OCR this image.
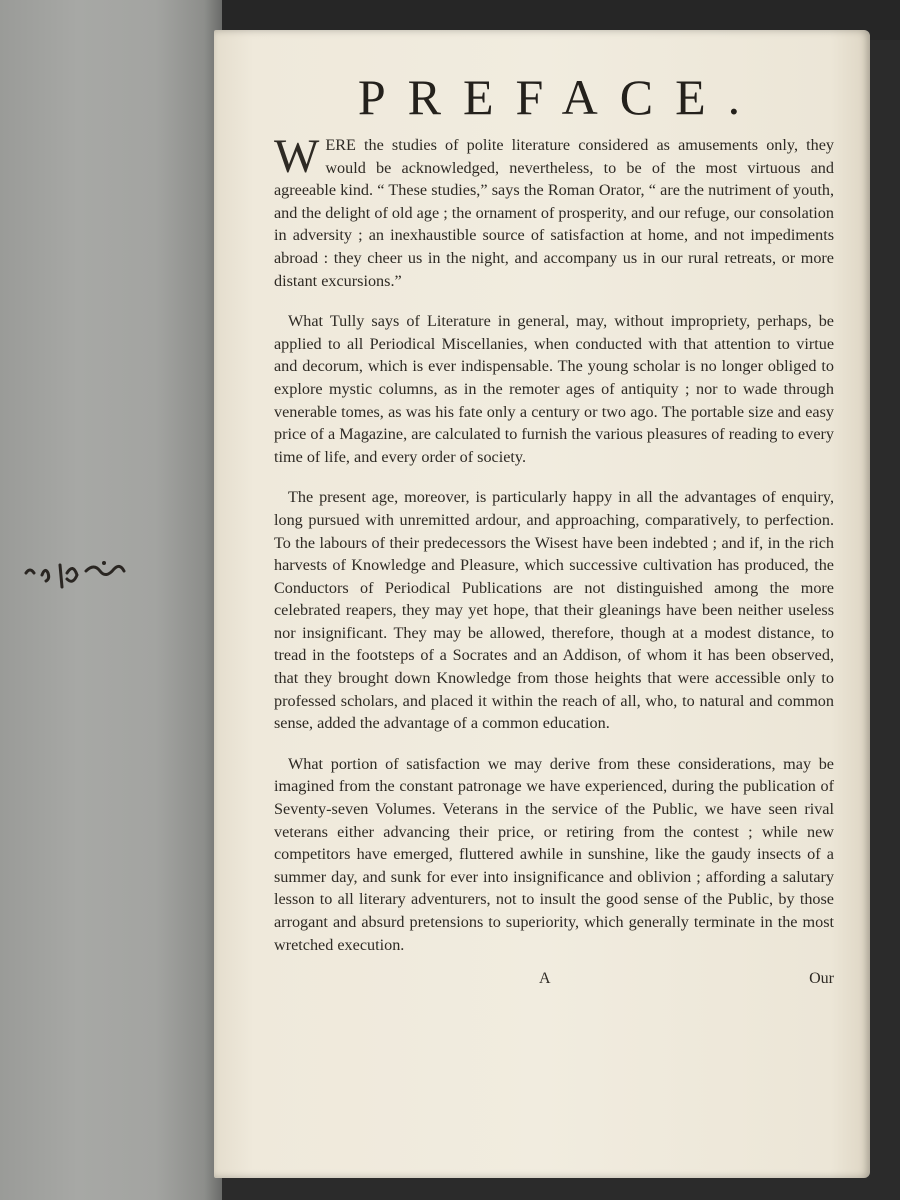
PREFACE.

WERE the studies of polite literature considered as amusements only, they would be acknowledged, nevertheless, to be of the most virtuous and agreeable kind. “ These studies,” says the Roman Orator, “ are the nutriment of youth, and the delight of old age ; the ornament of prosperity, and our refuge, our consolation in adversity ; an inexhaustible source of satisfaction at home, and not impediments abroad : they cheer us in the night, and accompany us in our rural retreats, or more distant excursions.”

What Tully says of Literature in general, may, without impropriety, perhaps, be applied to all Periodical Miscellanies, when conducted with that attention to virtue and decorum, which is ever indispensable. The young scholar is no longer obliged to explore mystic columns, as in the remoter ages of antiquity ; nor to wade through venerable tomes, as was his fate only a century or two ago. The portable size and easy price of a Magazine, are calculated to furnish the various pleasures of reading to every time of life, and every order of society.

The present age, moreover, is particularly happy in all the advantages of enquiry, long pursued with unremitted ardour, and approaching, comparatively, to perfection. To the labours of their predecessors the Wisest have been indebted ; and if, in the rich harvests of Knowledge and Pleasure, which successive cultivation has produced, the Conductors of Periodical Publications are not distinguished among the more celebrated reapers, they may yet hope, that their gleanings have been neither useless nor insignificant. They may be allowed, therefore, though at a modest distance, to tread in the footsteps of a Socrates and an Addison, of whom it has been observed, that they brought down Knowledge from those heights that were accessible only to professed scholars, and placed it within the reach of all, who, to natural and common sense, added the advantage of a common education.

What portion of satisfaction we may derive from these considerations, may be imagined from the constant patronage we have experienced, during the publication of Seventy-seven Volumes. Veterans in the service of the Public, we have seen rival veterans either advancing their price, or retiring from the contest ; while new competitors have emerged, fluttered awhile in sunshine, like the gaudy insects of a summer day, and sunk for ever into insignificance and oblivion ; affording a salutary lesson to all literary adventurers, not to insult the good sense of the Public, by those arrogant and absurd pretensions to superiority, which generally terminate in the most wretched execution.

A	Our
